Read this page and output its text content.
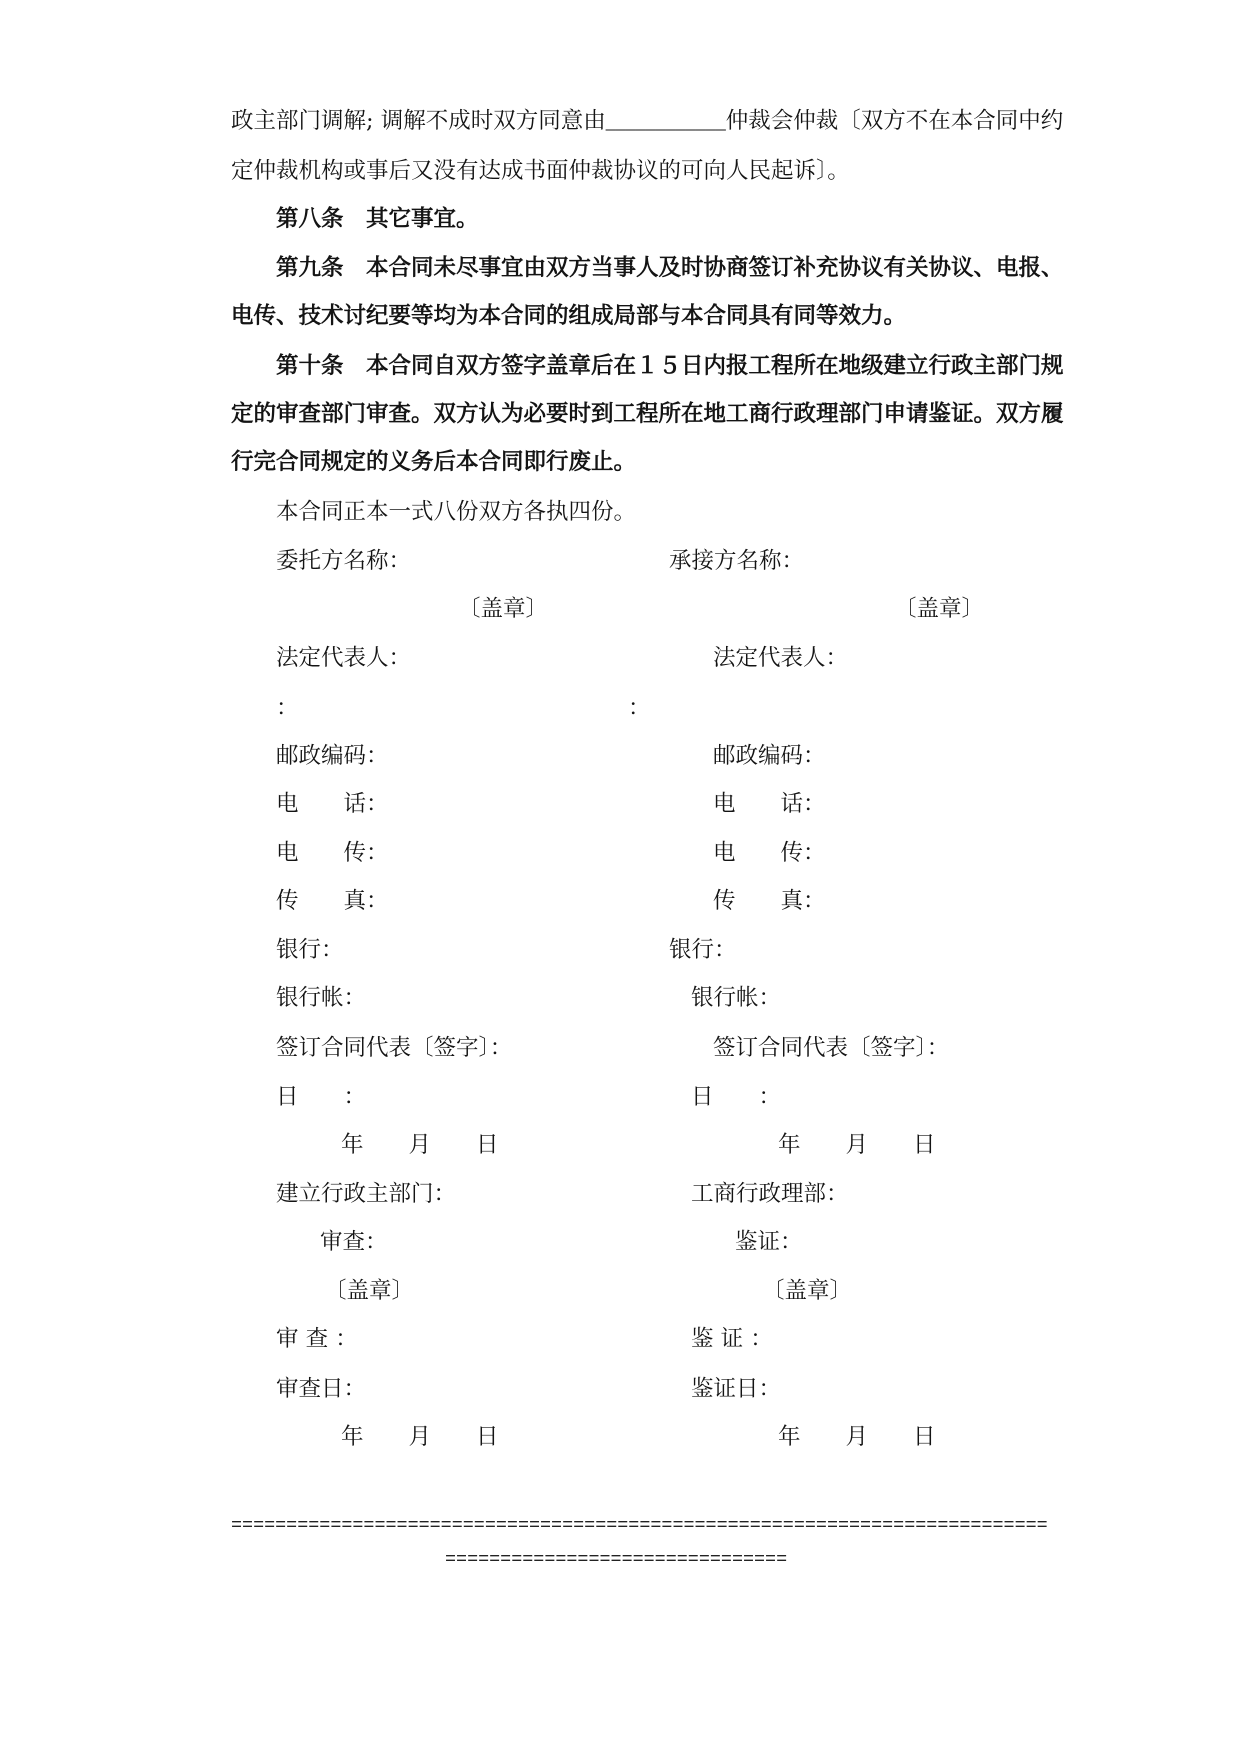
政主部门调解; 调解不成时双方同意由____________仲裁会仲裁〔双方不在本合同中约
定仲裁机构或事后又没有达成书面仲裁协议的可向人民起诉〕。
第八条　其它事宜。
第九条　本合同未尽事宜由双方当事人及时协商签订补充协议有关协议、电报、
电传、技术讨纪要等均为本合同的组成局部与本合同具有同等效力。
第十条　本合同自双方签字盖章后在１５日内报工程所在地级建立行政主部门规
定的审查部门审查。双方认为必要时到工程所在地工商行政理部门申请鉴证。双方履
行完合同规定的义务后本合同即行废止。
本合同正本一式八份双方各执四份。
委托方名称：
〔盖章〕
法定代表人：
：
邮政编码：
电　　话：
电　　传：
传　　真：
银行：
银行帐：
签订合同代表〔签字〕：
日　　：
年　　月　　日
建立行政主部门：
审查：
〔盖章〕
审 查 ：
审查日：
年　　月　　日
承接方名称：
〔盖章〕
法定代表人：
：
邮政编码：
电　　话：
电　　传：
传　　真：
银行：
银行帐：
签订合同代表〔签字〕：
日　　：
年　　月　　日
工商行政理部：
鉴证：
〔盖章〕
鉴 证 ：
鉴证日：
年　　月　　日
==========================================================================
===============================
